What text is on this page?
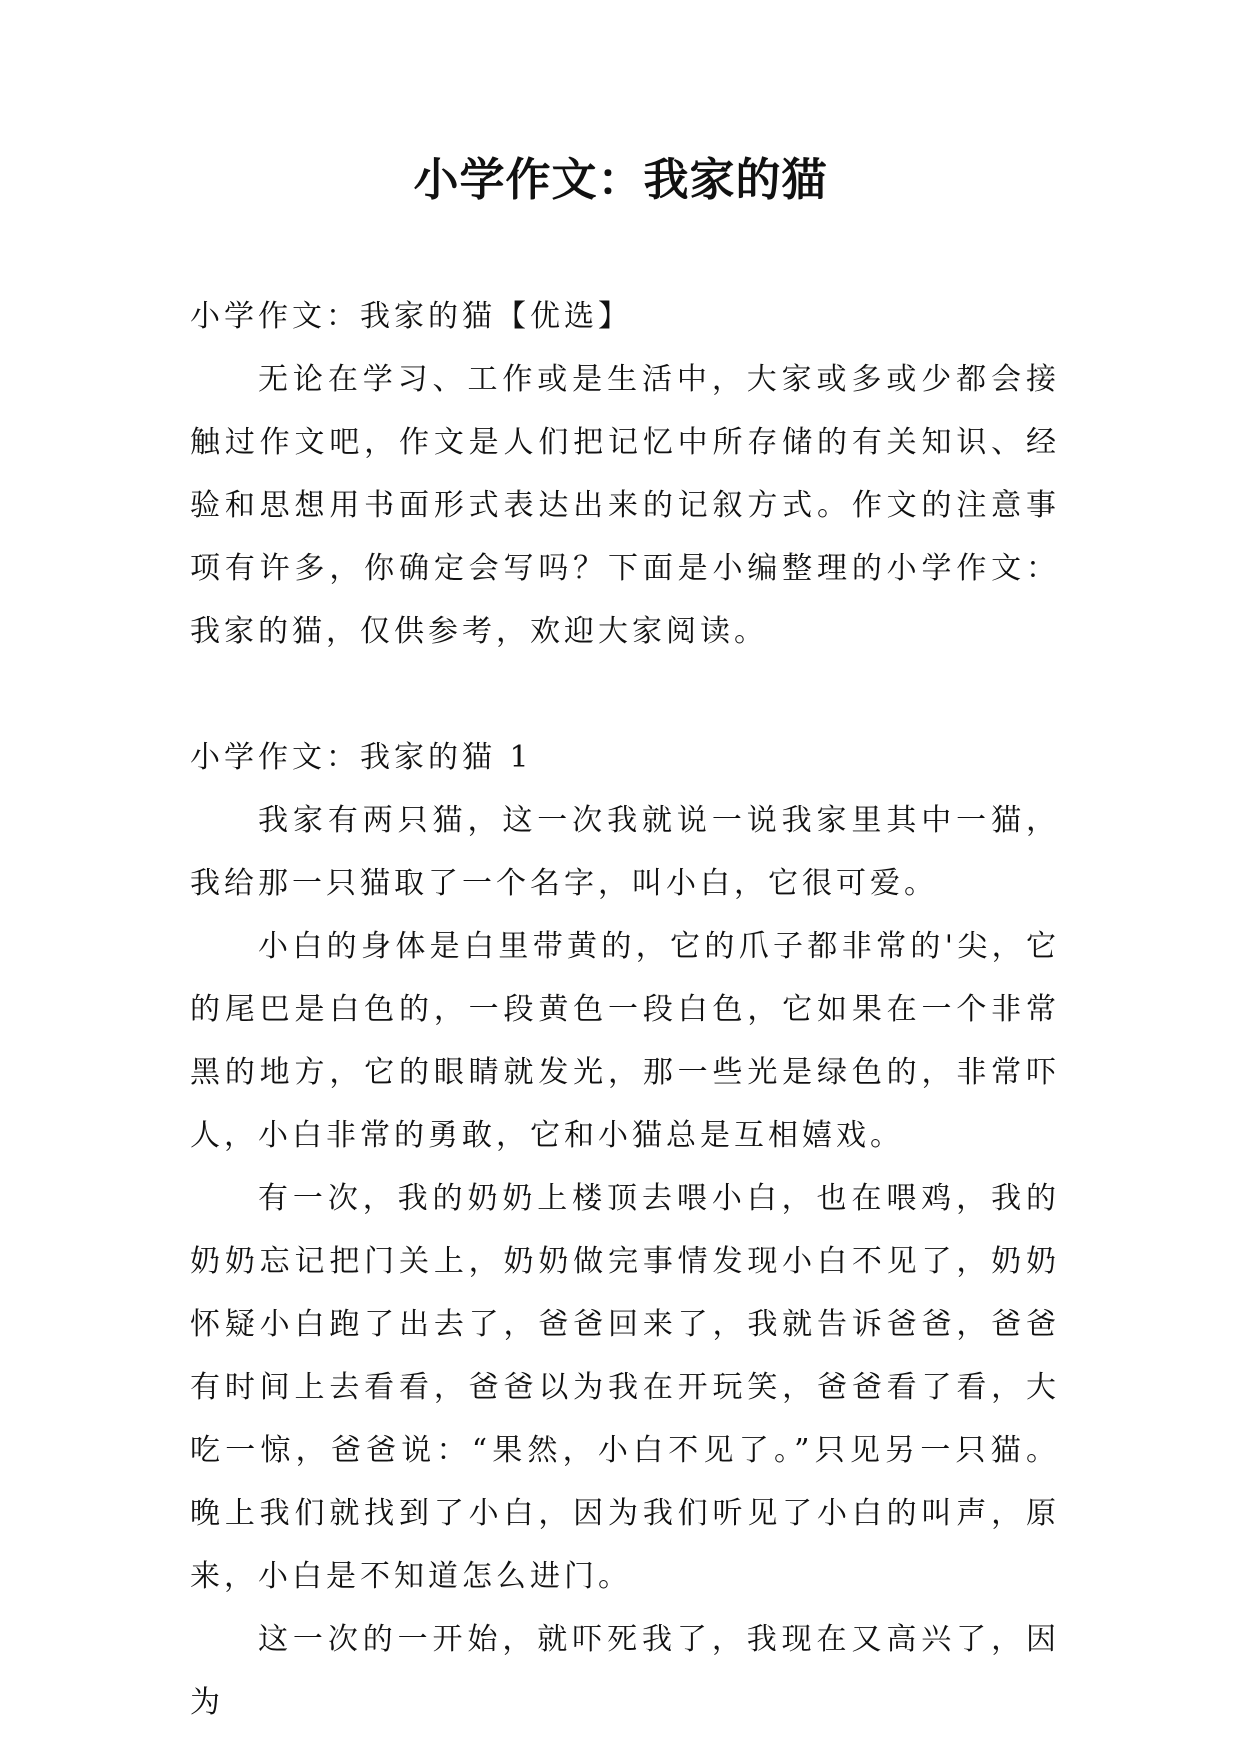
小学作文：我家的猫

小学作文：我家的猫【优选】

无论在学习、工作或是生活中，大家或多或少都会接触过作文吧，作文是人们把记忆中所存储的有关知识、经验和思想用书面形式表达出来的记叙方式。作文的注意事项有许多，你确定会写吗？下面是小编整理的小学作文：我家的猫，仅供参考，欢迎大家阅读。

小学作文：我家的猫 1

我家有两只猫，这一次我就说一说我家里其中一猫，我给那一只猫取了一个名字，叫小白，它很可爱。

小白的身体是白里带黄的，它的爪子都非常的'尖，它的尾巴是白色的，一段黄色一段白色，它如果在一个非常黑的地方，它的眼睛就发光，那一些光是绿色的，非常吓人，小白非常的勇敢，它和小猫总是互相嬉戏。

有一次，我的奶奶上楼顶去喂小白，也在喂鸡，我的奶奶忘记把门关上，奶奶做完事情发现小白不见了，奶奶怀疑小白跑了出去了，爸爸回来了，我就告诉爸爸，爸爸有时间上去看看，爸爸以为我在开玩笑，爸爸看了看，大吃一惊，爸爸说：“果然，小白不见了。”只见另一只猫。晚上我们就找到了小白，因为我们听见了小白的叫声，原来，小白是不知道怎么进门。

这一次的一开始，就吓死我了，我现在又高兴了，因为
